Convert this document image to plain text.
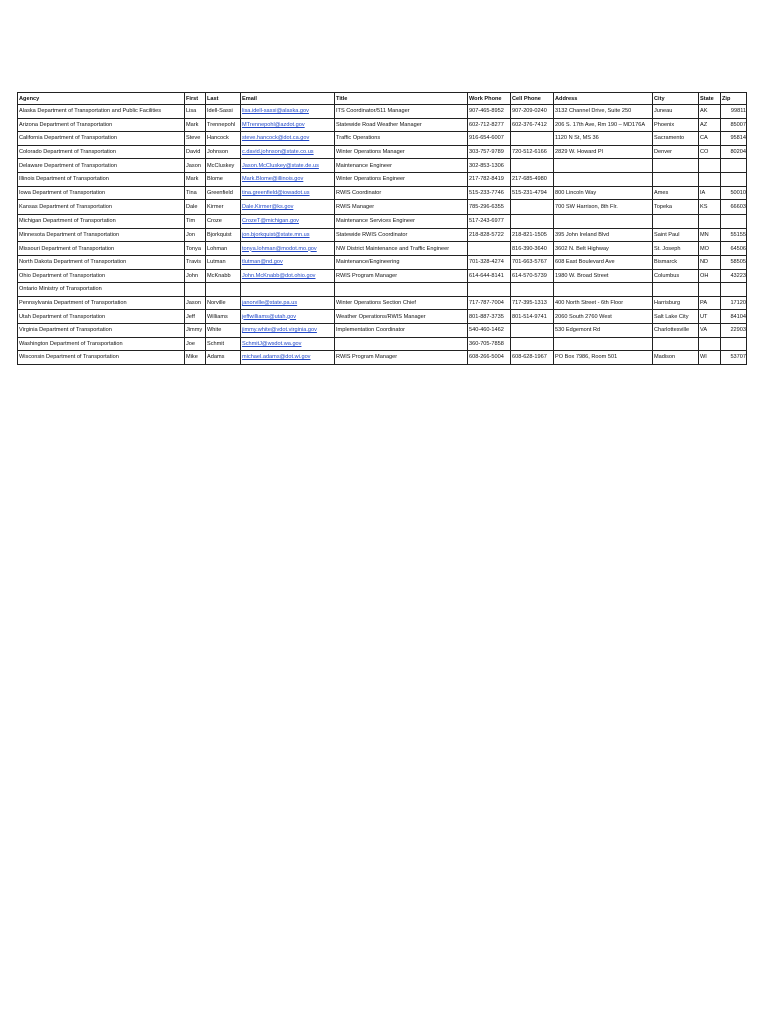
Agency	First	Last	Email	Title	Work Phone	Cell Phone	Address	City	State	Zip
Alaska Department of Transportation and Public Facilities	Lisa	Idell-Sassi	lisa.idell-sassi@alaska.gov	ITS Coordinator/511 Manager	907-465-8952	907-209-0240	3132 Channel Drive, Suite 250	Juneau	AK	99811
Arizona Department of Transportation	Mark	Trennepohl	MTrennepohl@azdot.gov	Statewide Road Weather Manager	602-712-8277	602-376-7412	206 S. 17th Ave, Rm 190 – MD176A	Phoenix	AZ	85007
California Department of Transportation	Steve	Hancock	steve.hancock@dot.ca.gov	Traffic Operations	916-654-6007		1120 N St, MS 36	Sacramento	CA	95814
Colorado Department of Transportation	David	Johnson	c.david.johnson@state.co.us	Winter Operations Manager	303-757-9789	720-512-6166	2829 W. Howard Pl	Denver	CO	80204
Delaware Department of Transportation	Jason	McCluskey	Jason.McCluskey@state.de.us	Maintenance Engineer	302-853-1306					
Illinois Department of Transportation	Mark	Blome	Mark.Blome@illinois.gov	Winter Operations Engineer	217-782-8419	217-685-4980				
Iowa Department of Transportation	Tina	Greenfield	tina.greenfield@iowadot.us	RWIS Coordinator	515-233-7746	515-231-4794	800 Lincoln Way	Ames	IA	50010
Kansas Department of Transportation	Dale	Kirmer	Dale.Kirmer@ks.gov	RWIS Manager	785-296-6355		700 SW Harrison, 8th Flr.	Topeka	KS	66603
Michigan Department of Transportation	Tim	Croze	CrozeT@michigan.gov	Maintenance Services Engineer	517-243-6977					
Minnesota Department of Transportation	Jon	Bjorkquist	jon.bjorkquist@state.mn.us	Statewide RWIS Coordinator	218-828-5722	218-821-1505	395 John Ireland Blvd	Saint Paul	MN	55155
Missouri Department of Transportation	Tonya	Lohman	tonya.lohman@modot.mo.gov	NW District Maintenance and Traffic Engineer		816-390-3640	3602 N. Belt Highway	St. Joseph	MO	64506
North Dakota Department of Transportation	Travis	Lutman	tlutman@nd.gov	Maintenance/Engineering	701-328-4274	701-663-5767	608 East Boulevard Ave	Bismarck	ND	58505
Ohio Department of Transportation	John	McKnabb	John.McKnabb@dot.ohio.gov	RWIS Program Manager	614-644-8141	614-570-5739	1980 W. Broad Street	Columbus	OH	43223
Ontario Ministry of Transportation										
Pennsylvania Department of Transportation	Jason	Norville	janorville@state.pa.us	Winter Operations Section Chief	717-787-7004	717-395-1313	400 North Street - 6th Floor	Harrisburg	PA	17120
Utah Department of Transportation	Jeff	Williams	jeffwilliams@utah.gov	Weather Operations/RWIS Manager	801-887-3735	801-514-9741	2060 South 2760 West	Salt Lake City	UT	84104
Virginia Department of Transportation	Jimmy	White	jimmy.white@vdot.virginia.gov	Implementation Coordinator	540-460-1462		530 Edgemont Rd	Charlottesville	VA	22903
Washington Department of Transportation	Joe	Schmit	SchmitJ@wsdot.wa.gov		360-705-7858					
Wisconsin Department of Transportation	Mike	Adams	michael.adams@dot.wi.gov	RWIS Program Manager	608-266-5004	608-628-1967	PO Box 7986, Room 501	Madison	WI	53707
